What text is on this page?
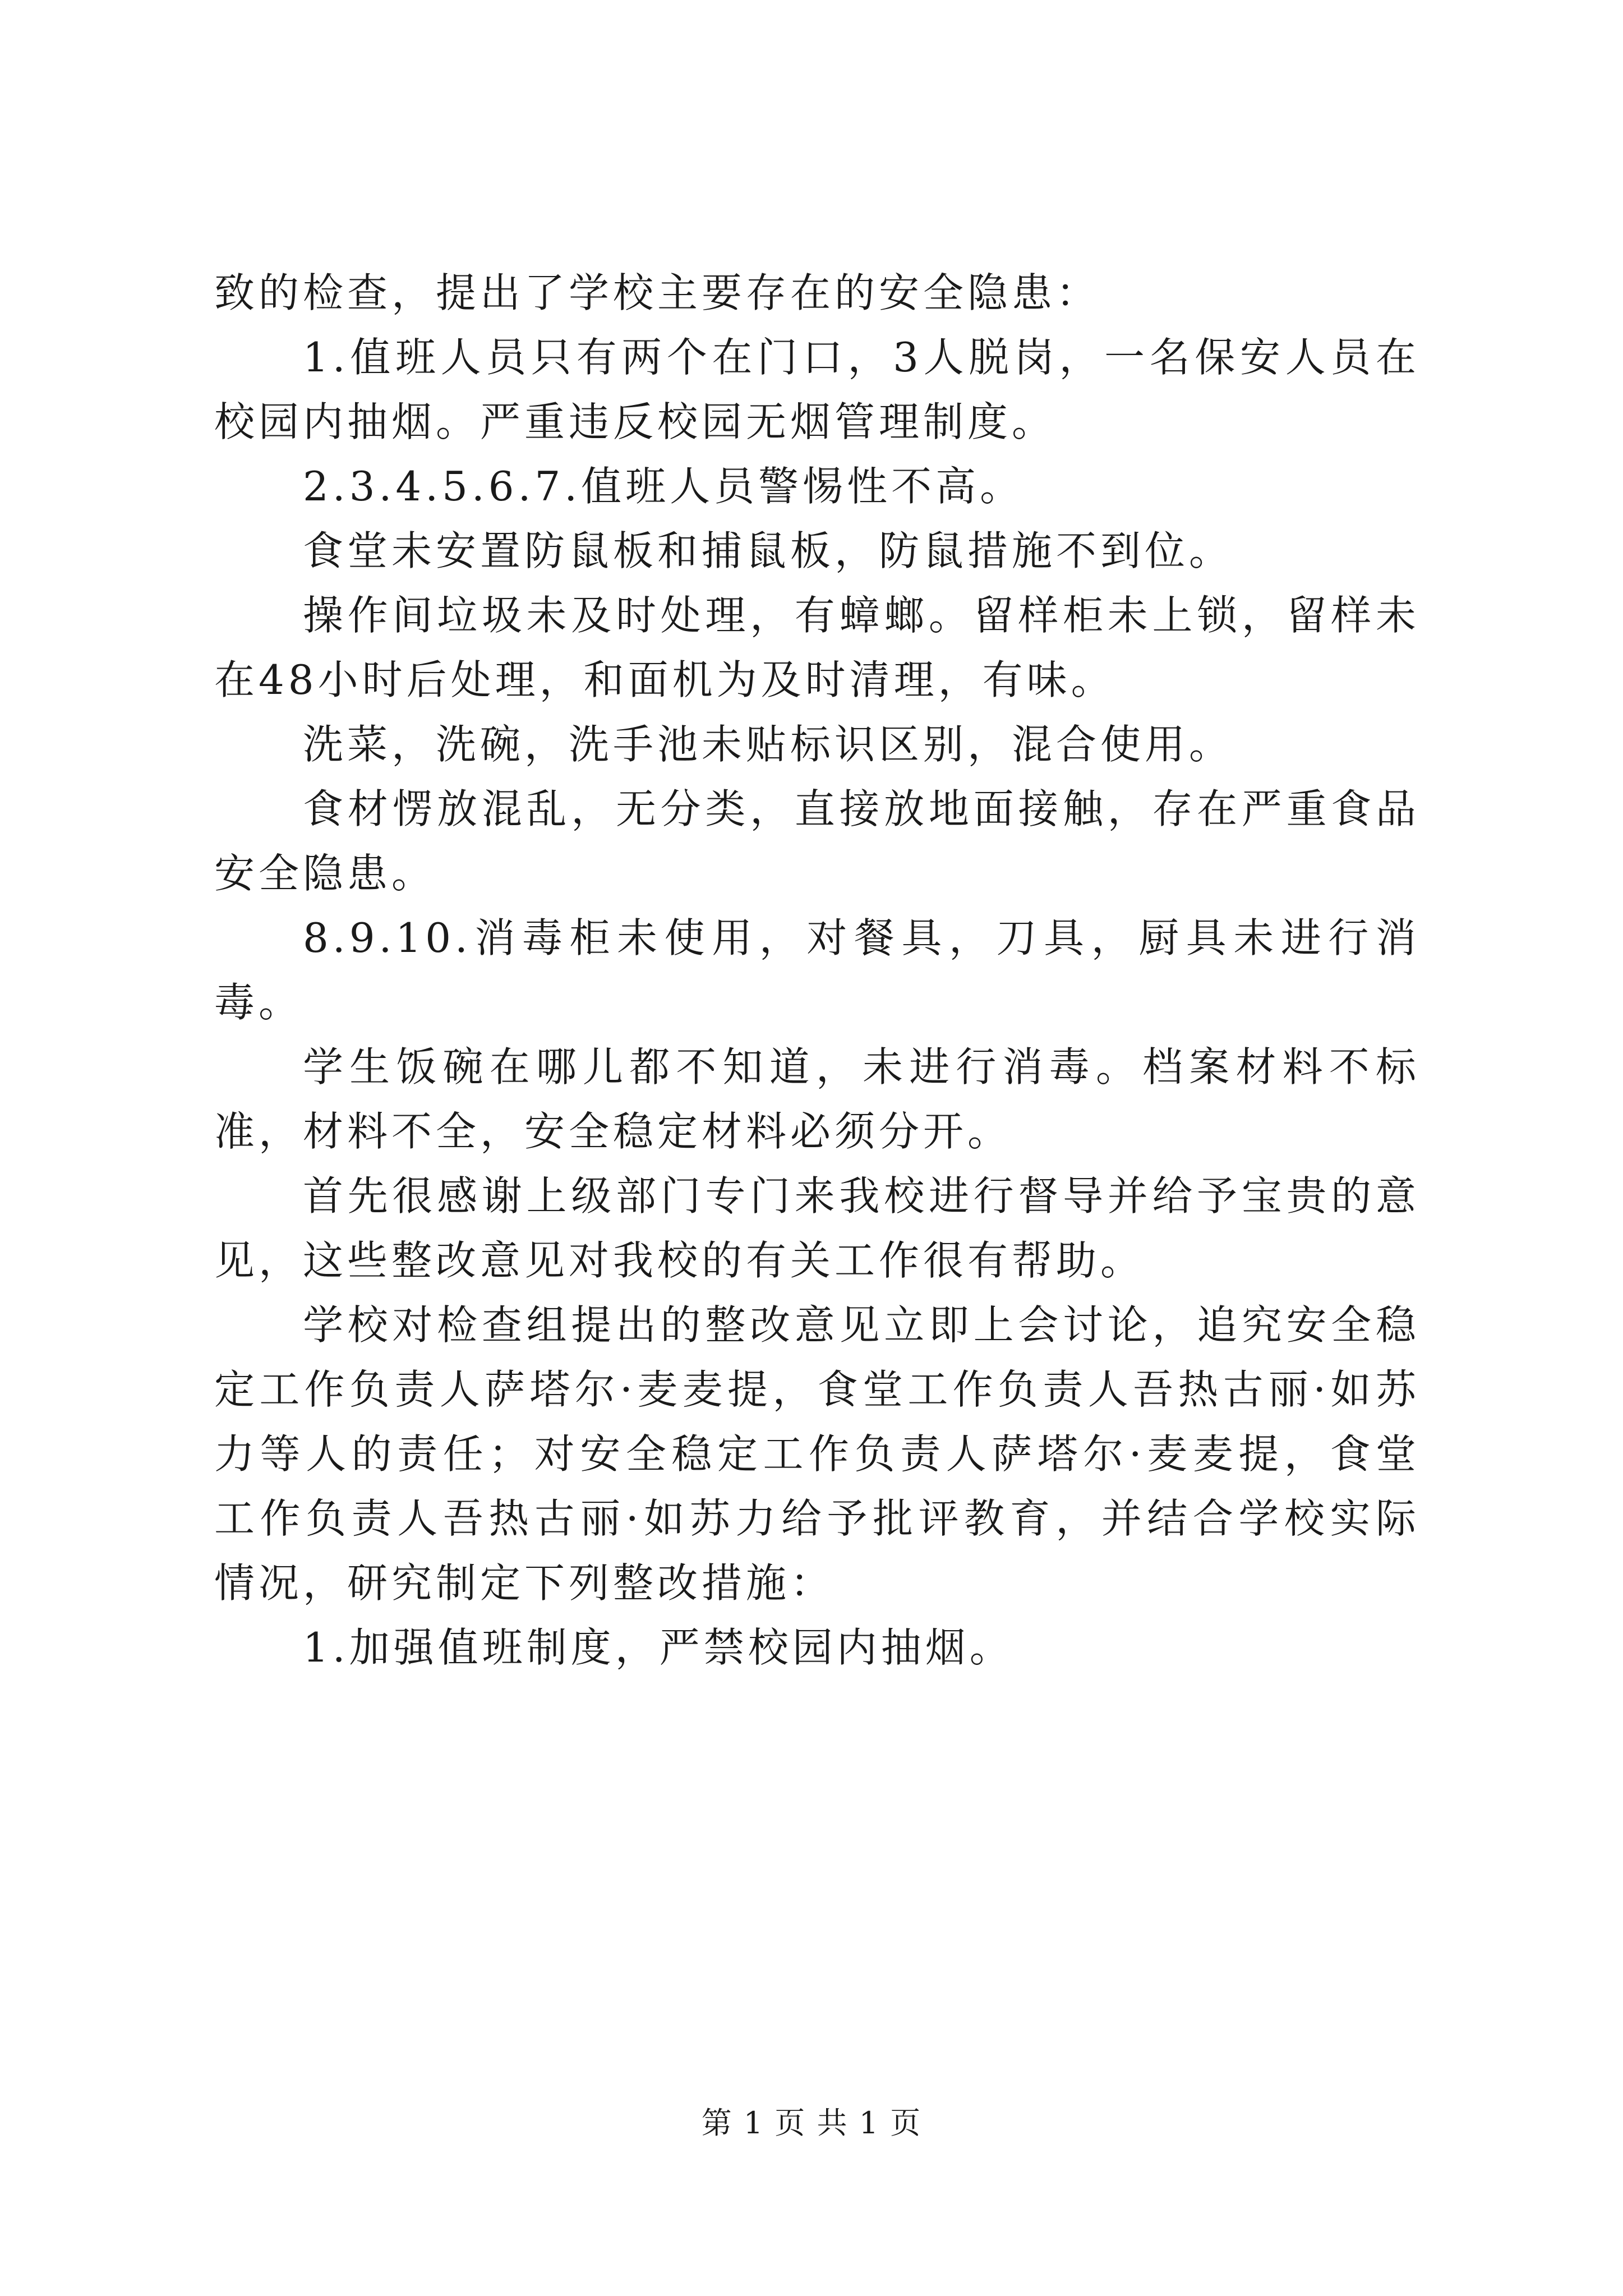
致的检查，提出了学校主要存在的安全隐患：

1.值班人员只有两个在门口，3人脱岗，一名保安人员在校园内抽烟。严重违反校园无烟管理制度。

2.3.4.5.6.7.值班人员警惕性不高。

食堂未安置防鼠板和捕鼠板，防鼠措施不到位。

操作间垃圾未及时处理，有蟑螂。留样柜未上锁，留样未在48小时后处理，和面机为及时清理，有味。

洗菜，洗碗，洗手池未贴标识区别，混合使用。

食材愣放混乱，无分类，直接放地面接触，存在严重食品安全隐患。

8.9.10.消毒柜未使用，对餐具，刀具，厨具未进行消毒。

学生饭碗在哪儿都不知道，未进行消毒。档案材料不标准，材料不全，安全稳定材料必须分开。

首先很感谢上级部门专门来我校进行督导并给予宝贵的意见，这些整改意见对我校的有关工作很有帮助。

学校对检查组提出的整改意见立即上会讨论，追究安全稳定工作负责人萨塔尔·麦麦提，食堂工作负责人吾热古丽·如苏力等人的责任；对安全稳定工作负责人萨塔尔·麦麦提，食堂工作负责人吾热古丽·如苏力给予批评教育，并结合学校实际情况，研究制定下列整改措施：

1.加强值班制度，严禁校园内抽烟。

第 1 页 共 1 页
